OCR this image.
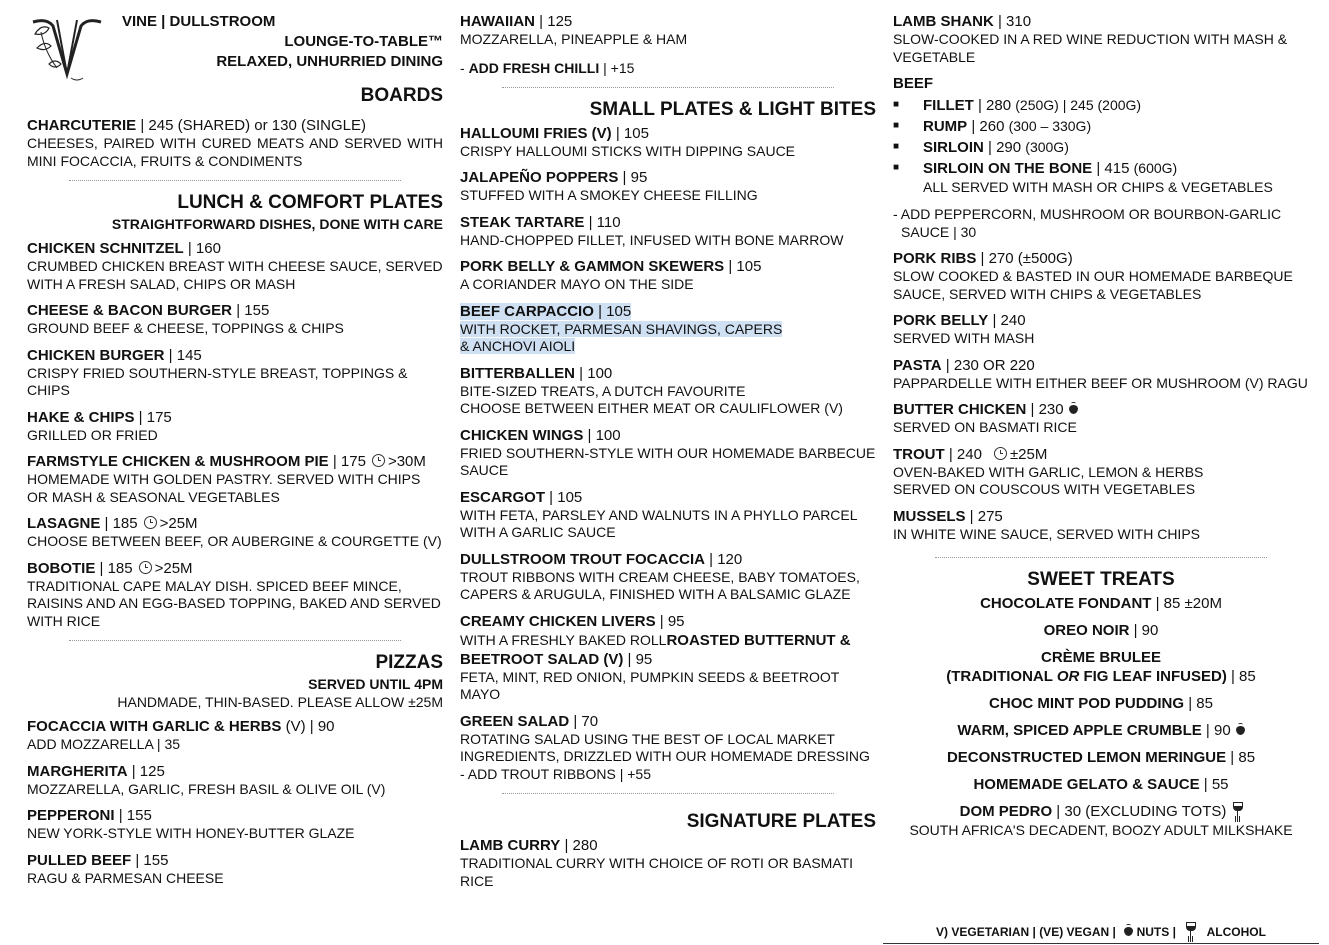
VINE | DULLSTROOM
LOUNGE-TO-TABLE™
RELAXED, UNHURRIED DINING
BOARDS
CHARCUTERIE | 245 (SHARED) or 130 (SINGLE)
CHEESES, PAIRED WITH CURED MEATS AND SERVED WITH MINI FOCACCIA, FRUITS & CONDIMENTS
LUNCH & COMFORT PLATES
STRAIGHTFORWARD DISHES, DONE WITH CARE
CHICKEN SCHNITZEL | 160
CRUMBED CHICKEN BREAST WITH CHEESE SAUCE, SERVED WITH A FRESH SALAD, CHIPS OR MASH
CHEESE & BACON BURGER | 155
GROUND BEEF & CHEESE, TOPPINGS & CHIPS
CHICKEN BURGER | 145
CRISPY FRIED SOUTHERN-STYLE BREAST, TOPPINGS & CHIPS
HAKE & CHIPS | 175
GRILLED OR FRIED
FARMSTYLE CHICKEN & MUSHROOM PIE | 175 >30M
HOMEMADE WITH GOLDEN PASTRY. SERVED WITH CHIPS OR MASH & SEASONAL VEGETABLES
LASAGNE | 185 >25M
CHOOSE BETWEEN BEEF, OR AUBERGINE & COURGETTE (V)
BOBOTIE | 185 >25M
TRADITIONAL CAPE MALAY DISH. SPICED BEEF MINCE, RAISINS AND AN EGG-BASED TOPPING, BAKED AND SERVED WITH RICE
PIZZAS
SERVED UNTIL 4PM
HANDMADE, THIN-BASED. PLEASE ALLOW ±25M
FOCACCIA WITH GARLIC & HERBS (V) | 90
ADD MOZZARELLA | 35
MARGHERITA | 125
MOZZARELLA, GARLIC, FRESH BASIL & OLIVE OIL (V)
PEPPERONI | 155
NEW YORK-STYLE WITH HONEY-BUTTER GLAZE
PULLED BEEF | 155
RAGU & PARMESAN CHEESE
HAWAIIAN | 125
MOZZARELLA, PINEAPPLE & HAM
- ADD FRESH CHILLI | +15
SMALL PLATES & LIGHT BITES
HALLOUMI FRIES (V) | 105
CRISPY HALLOUMI STICKS WITH DIPPING SAUCE
JALAPEÑO POPPERS | 95
STUFFED WITH A SMOKEY CHEESE FILLING
STEAK TARTARE | 110
HAND-CHOPPED FILLET, INFUSED WITH BONE MARROW
PORK BELLY & GAMMON SKEWERS | 105
A CORIANDER MAYO ON THE SIDE
BEEF CARPACCIO | 105
WITH ROCKET, PARMESAN SHAVINGS, CAPERS & ANCHOVI AIOLI
BITTERBALLEN | 100
BITE-SIZED TREATS, A DUTCH FAVOURITE
CHOOSE BETWEEN EITHER MEAT OR CAULIFLOWER (V)
CHICKEN WINGS | 100
FRIED SOUTHERN-STYLE WITH OUR HOMEMADE BARBECUE SAUCE
ESCARGOT | 105
WITH FETA, PARSLEY AND WALNUTS IN A PHYLLO PARCEL WITH A GARLIC SAUCE
DULLSTROOM TROUT FOCACCIA | 120
TROUT RIBBONS WITH CREAM CHEESE, BABY TOMATOES, CAPERS & ARUGULA, FINISHED WITH A BALSAMIC GLAZE
CREAMY CHICKEN LIVERS | 95
WITH A FRESHLY BAKED ROLLROASTED BUTTERNUT & BEETROOT SALAD (V) | 95
FETA, MINT, RED ONION, PUMPKIN SEEDS & BEETROOT MAYO
GREEN SALAD | 70
ROTATING SALAD USING THE BEST OF LOCAL MARKET INGREDIENTS, DRIZZLED WITH OUR HOMEMADE DRESSING
- ADD TROUT RIBBONS | +55
SIGNATURE PLATES
LAMB CURRY | 280
TRADITIONAL CURRY WITH CHOICE OF ROTI OR BASMATI RICE
LAMB SHANK | 310
SLOW-COOKED IN A RED WINE REDUCTION WITH MASH & VEGETABLE
BEEF
■ FILLET | 280 (250G) | 245 (200G)
■ RUMP | 260 (300 – 330G)
■ SIRLOIN | 290 (300G)
■ SIRLOIN ON THE BONE | 415 (600G)
ALL SERVED WITH MASH OR CHIPS & VEGETABLES
- ADD PEPPERCORN, MUSHROOM OR BOURBON-GARLIC
SAUCE | 30
PORK RIBS | 270 (±500G)
SLOW COOKED & BASTED IN OUR HOMEMADE BARBEQUE SAUCE, SERVED WITH CHIPS & VEGETABLES
PORK BELLY | 240
SERVED WITH MASH
PASTA | 230 OR 220
PAPPARDELLE WITH EITHER BEEF OR MUSHROOM (V) RAGU
BUTTER CHICKEN | 230
SERVED ON BASMATI RICE
TROUT | 240 ±25M
OVEN-BAKED WITH GARLIC, LEMON & HERBS
SERVED ON COUSCOUS WITH VEGETABLES
MUSSELS | 275
IN WHITE WINE SAUCE, SERVED WITH CHIPS
SWEET TREATS
CHOCOLATE FONDANT | 85 ±20M
OREO NOIR | 90
CRÈME BRULEE
(TRADITIONAL OR FIG LEAF INFUSED) | 85
CHOC MINT POD PUDDING | 85
WARM, SPICED APPLE CRUMBLE | 90
DECONSTRUCTED LEMON MERINGUE | 85
HOMEMADE GELATO & SAUCE | 55
DOM PEDRO | 30 (EXCLUDING TOTS)
SOUTH AFRICA'S DECADENT, BOOZY ADULT MILKSHAKE
V) VEGETARIAN | (VE) VEGAN | NUTS |	ALCOHOL
